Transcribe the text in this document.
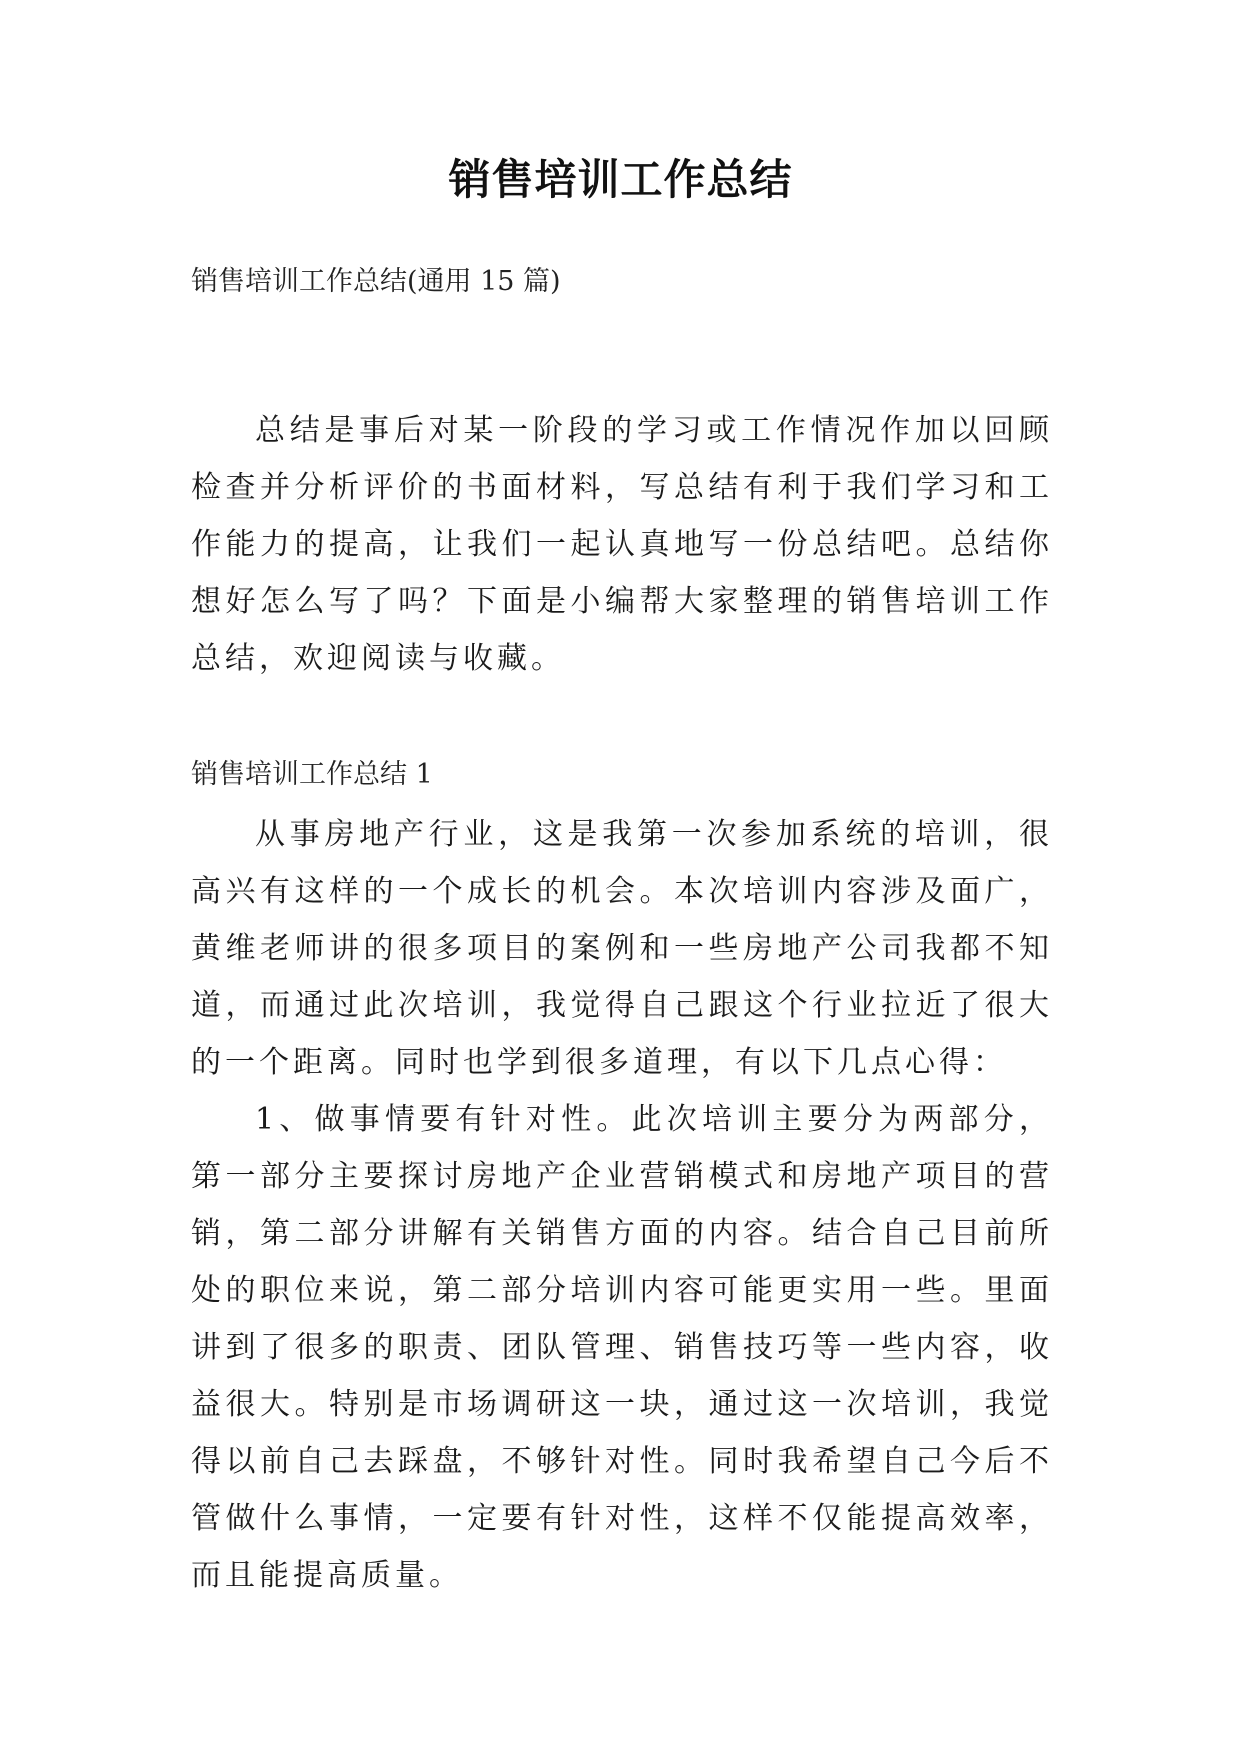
销售培训工作总结

销售培训工作总结(通用 15 篇)

总结是事后对某一阶段的学习或工作情况作加以回顾检查并分析评价的书面材料，写总结有利于我们学习和工作能力的提高，让我们一起认真地写一份总结吧。总结你想好怎么写了吗？下面是小编帮大家整理的销售培训工作总结，欢迎阅读与收藏。

销售培训工作总结 1

从事房地产行业，这是我第一次参加系统的培训，很高兴有这样的一个成长的机会。本次培训内容涉及面广，黄维老师讲的很多项目的案例和一些房地产公司我都不知道，而通过此次培训，我觉得自己跟这个行业拉近了很大的一个距离。同时也学到很多道理，有以下几点心得：

1、做事情要有针对性。此次培训主要分为两部分，第一部分主要探讨房地产企业营销模式和房地产项目的营销，第二部分讲解有关销售方面的内容。结合自己目前所处的职位来说，第二部分培训内容可能更实用一些。里面讲到了很多的职责、团队管理、销售技巧等一些内容，收益很大。特别是市场调研这一块，通过这一次培训，我觉得以前自己去踩盘，不够针对性。同时我希望自己今后不管做什么事情，一定要有针对性，这样不仅能提高效率，而且能提高质量。
